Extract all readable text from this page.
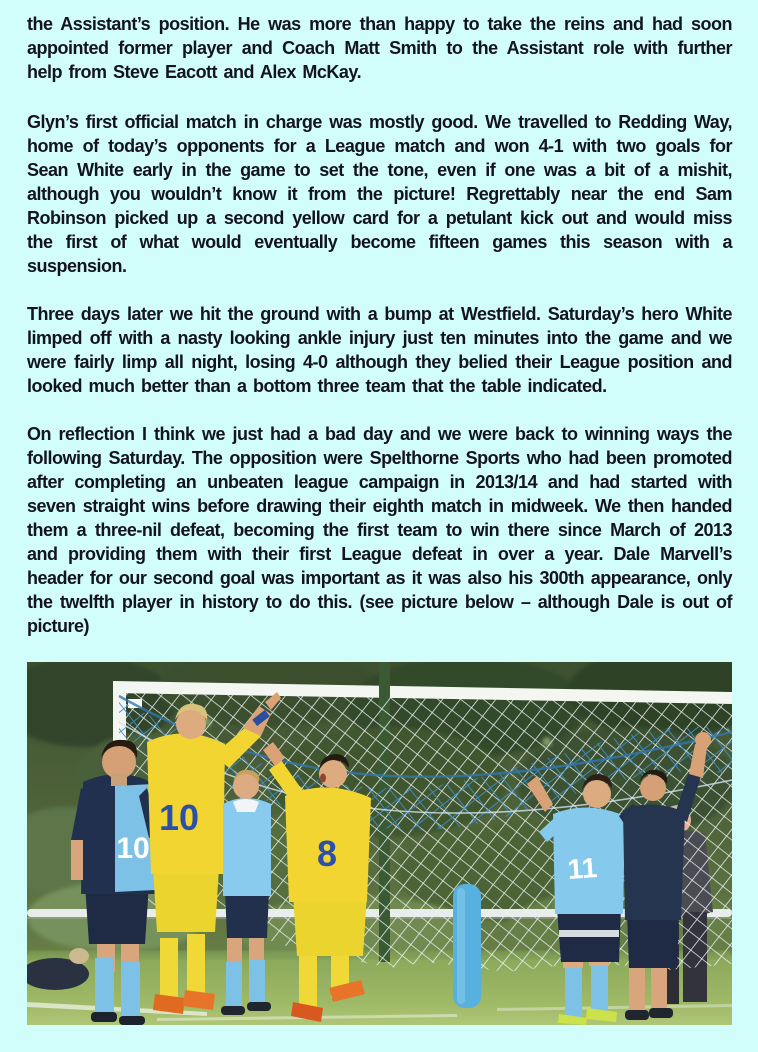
the Assistant’s position. He was more than happy to take the reins and had soon appointed former player and Coach Matt Smith to the Assistant role with further help from Steve Eacott and Alex McKay.

Glyn’s first official match in charge was mostly good. We travelled to Redding Way, home of today’s opponents for a League match and won 4-1 with two goals for Sean White early in the game to set the tone, even if one was a bit of a mishit, although you wouldn’t know it from the picture! Regrettably near the end Sam Robinson picked up a second yellow card for a petulant kick out and would miss the first of what would eventually become fifteen games this season with a suspension.

Three days later we hit the ground with a bump at Westfield. Saturday’s hero White limped off with a nasty looking ankle injury just ten minutes into the game and we were fairly limp all night, losing 4-0 although they belied their League position and looked much better than a bottom three team that the table indicated.

On reflection I think we just had a bad day and we were back to winning ways the following Saturday. The opposition were Spelthorne Sports who had been promoted after completing an unbeaten league campaign in 2013/14 and had started with seven straight wins before drawing their eighth match in midweek. We then handed them a three-nil defeat, becoming the first team to win there since March of 2013 and providing them with their first League defeat in over a year. Dale Marvell’s header for our second goal was important as it was also his 300th appearance, only the twelfth player in history to do this. (see picture below – although Dale is out of picture)

10
10
8	11
